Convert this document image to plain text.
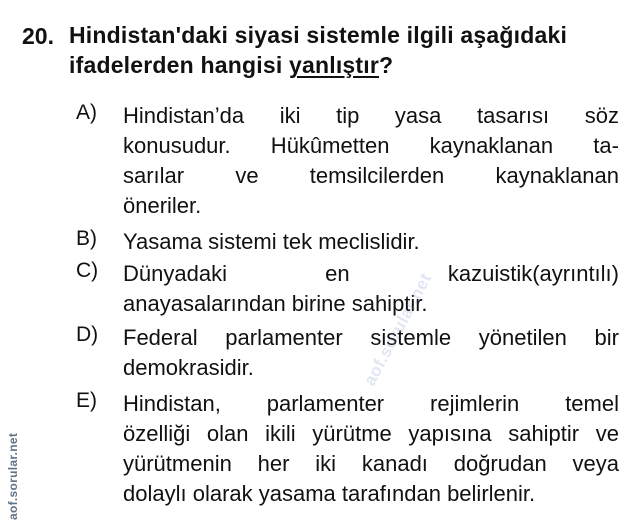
20. Hindistan'daki siyasi sistemle ilgili aşağıdaki ifadelerden hangisi yanlıştır?
A)	Hindistan’da iki tip yasa tasarısı söz
konusudur. Hükûmetten kaynaklanan ta-
sarılar ve temsilcilerden kaynaklanan
öneriler.
B)	Yasama sistemi tek meclislidir.
C)	Dünyadaki en kazuistik(ayrıntılı)
anayasalarından birine sahiptir.
D)	Federal parlamenter sistemle yönetilen bir
demokrasidir.
E)	Hindistan, parlamenter rejimlerin temel
özelliği olan ikili yürütme yapısına sahiptir ve
yürütmenin her iki kanadı doğrudan veya
dolaylı olarak yasama tarafından belirlenir.
aof.sorular.net
aof.sorular.net
